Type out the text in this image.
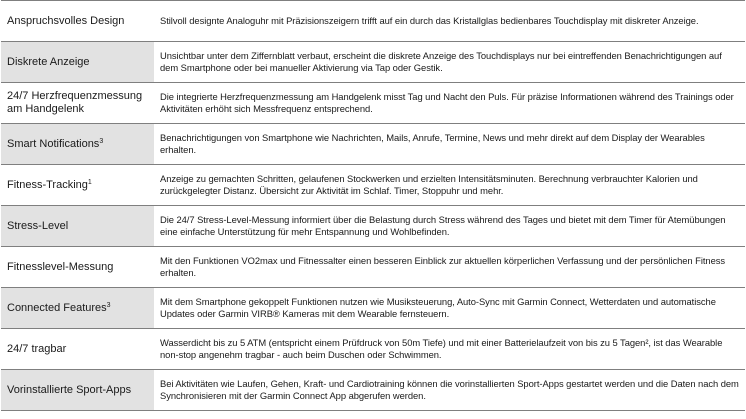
Anspruchsvolles Design	Stilvoll designte Analoguhr mit Präzisionszeigern trifft auf ein durch das Kristallglas bedienbares Touchdisplay mit diskreter Anzeige.
Diskrete Anzeige	Unsichtbar unter dem Ziffernblatt verbaut, erscheint die diskrete Anzeige des Touchdisplays nur bei eintreffenden Benachrichtigungen auf dem Smartphone oder bei manueller Aktivierung via Tap oder Gestik.
24/7 Herzfrequenzmessung am Handgelenk	Die integrierte Herzfrequenzmessung am Handgelenk misst Tag und Nacht den Puls. Für präzise Informationen während des Trainings oder Aktivitäten erhöht sich Messfrequenz entsprechend.
Smart Notifications$^3$	Benachrichtigungen von Smartphone wie Nachrichten, Mails, Anrufe, Termine, News und mehr direkt auf dem Display der Wearables erhalten.
Fitness-Tracking$^1$	Anzeige zu gemachten Schritten, gelaufenen Stockwerken und erzielten Intensitätsminuten. Berechnung verbrauchter Kalorien und zurückgelegter Distanz. Übersicht zur Aktivität im Schlaf. Timer, Stoppuhr und mehr.
Stress-Level	Die 24/7 Stress-Level-Messung informiert über die Belastung durch Stress während des Tages und bietet mit dem Timer für Atemübungen eine einfache Unterstützung für mehr Entspannung und Wohlbefinden.
Fitnesslevel-Messung	Mit den Funktionen VO2max und Fitnessalter einen besseren Einblick zur aktuellen körperlichen Verfassung und der persönlichen Fitness erhalten.
Connected Features$^3$	Mit dem Smartphone gekoppelt Funktionen nutzen wie Musiksteuerung, Auto-Sync mit Garmin Connect, Wetterdaten und automatische Updates oder Garmin VIRB® Kameras mit dem Wearable fernsteuern.
24/7 tragbar	Wasserdicht bis zu 5 ATM (entspricht einem Prüfdruck von 50m Tiefe) und mit einer Batterielaufzeit von bis zu 5 Tagen², ist das Wearable non-stop angenehm tragbar - auch beim Duschen oder Schwimmen.
Vorinstallierte Sport-Apps	Bei Aktivitäten wie Laufen, Gehen, Kraft- und Cardiotraining können die vorinstallierten Sport-Apps gestartet werden und die Daten nach dem Synchronisieren mit der Garmin Connect App abgerufen werden.
